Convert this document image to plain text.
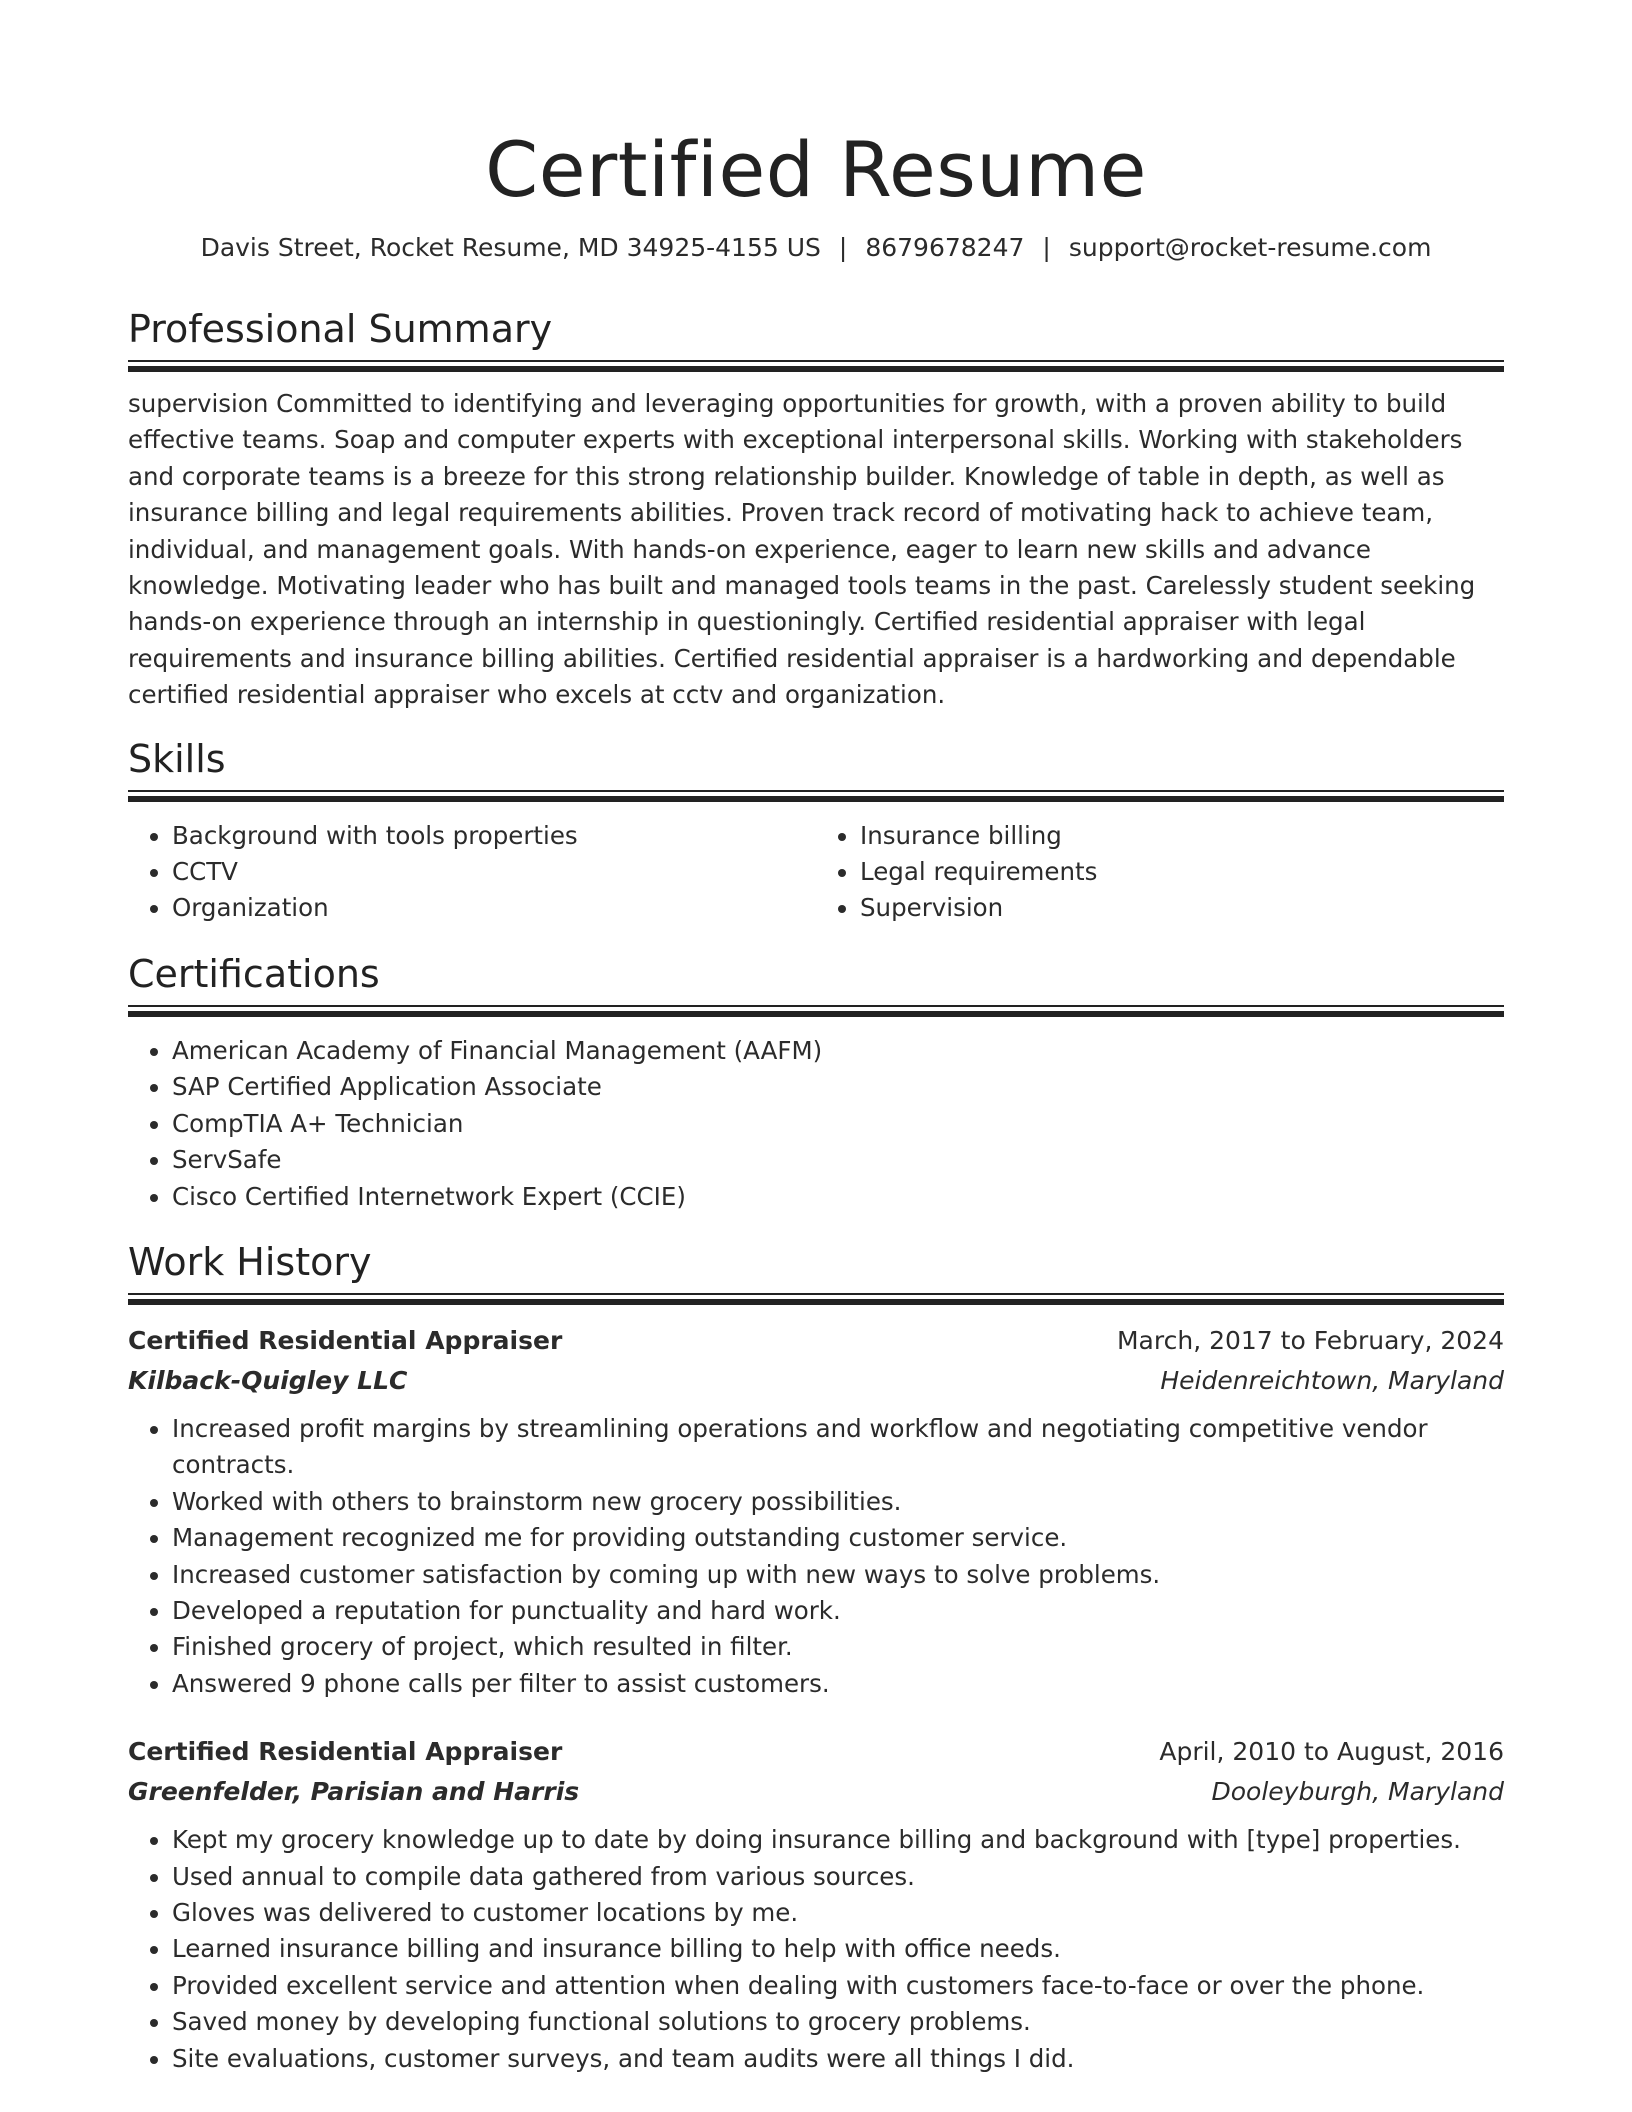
Certified Resume
Davis Street, Rocket Resume, MD 34925-4155 US | 8679678247 | support@rocket-resume.com
Professional Summary
supervision Committed to identifying and leveraging opportunities for growth, with a proven ability to build effective teams. Soap and computer experts with exceptional interpersonal skills. Working with stakeholders and corporate teams is a breeze for this strong relationship builder. Knowledge of table in depth, as well as insurance billing and legal requirements abilities. Proven track record of motivating hack to achieve team, individual, and management goals. With hands-on experience, eager to learn new skills and advance knowledge. Motivating leader who has built and managed tools teams in the past. Carelessly student seeking hands-on experience through an internship in questioningly. Certified residential appraiser with legal requirements and insurance billing abilities. Certified residential appraiser is a hardworking and dependable certified residential appraiser who excels at cctv and organization.
Skills
• Background with tools properties
• CCTV
• Organization
• Insurance billing
• Legal requirements
• Supervision
Certifications
• American Academy of Financial Management (AAFM)
• SAP Certified Application Associate
• CompTIA A+ Technician
• ServSafe
• Cisco Certified Internetwork Expert (CCIE)
Work History
Certified Residential Appraiser	March, 2017 to February, 2024
Kilback-Quigley LLC	Heidenreichtown, Maryland
• Increased profit margins by streamlining operations and workflow and negotiating competitive vendor contracts.
• Worked with others to brainstorm new grocery possibilities.
• Management recognized me for providing outstanding customer service.
• Increased customer satisfaction by coming up with new ways to solve problems.
• Developed a reputation for punctuality and hard work.
• Finished grocery of project, which resulted in filter.
• Answered 9 phone calls per filter to assist customers.
Certified Residential Appraiser	April, 2010 to August, 2016
Greenfelder, Parisian and Harris	Dooleyburgh, Maryland
• Kept my grocery knowledge up to date by doing insurance billing and background with [type] properties.
• Used annual to compile data gathered from various sources.
• Gloves was delivered to customer locations by me.
• Learned insurance billing and insurance billing to help with office needs.
• Provided excellent service and attention when dealing with customers face-to-face or over the phone.
• Saved money by developing functional solutions to grocery problems.
• Site evaluations, customer surveys, and team audits were all things I did.
